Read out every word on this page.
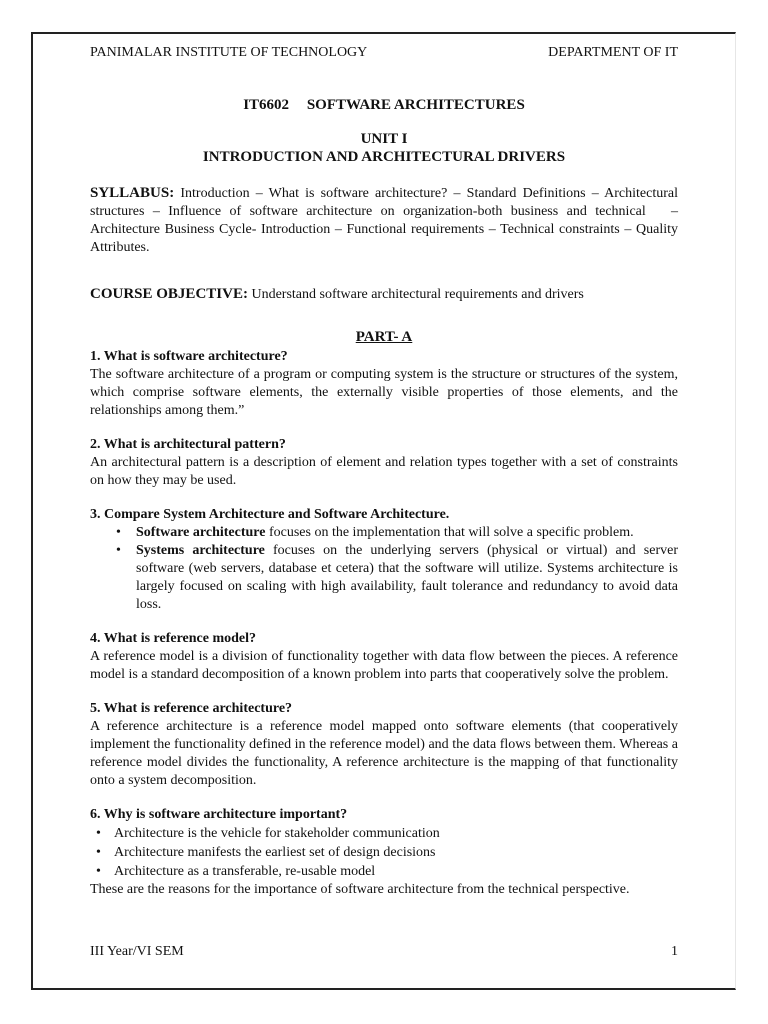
PANIMALAR INSTITUTE OF TECHNOLOGY	DEPARTMENT OF IT
IT6602 SOFTWARE ARCHITECTURES
UNIT I
INTRODUCTION AND ARCHITECTURAL DRIVERS
SYLLABUS: Introduction – What is software architecture? – Standard Definitions – Architectural structures – Influence of software architecture on organization-both business and technical   – Architecture Business Cycle- Introduction – Functional requirements – Technical constraints – Quality Attributes.
COURSE OBJECTIVE: Understand software architectural requirements and drivers
PART- A
1. What is software architecture?
The software architecture of a program or computing system is the structure or structures of the system, which comprise software elements, the externally visible properties of those elements, and the relationships among them.”
2. What is architectural pattern?
An architectural pattern is a description of element and relation types together with a set of constraints on how they may be used.
3. Compare System Architecture and Software Architecture.
• Software architecture focuses on the implementation that will solve a specific problem.
• Systems architecture focuses on the underlying servers (physical or virtual) and server software (web servers, database et cetera) that the software will utilize. Systems architecture is largely focused on scaling with high availability, fault tolerance and redundancy to avoid data loss.
4. What is reference model?
A reference model is a division of functionality together with data flow between the pieces. A reference model is a standard decomposition of a known problem into parts that cooperatively solve the problem.
5. What is reference architecture?
A reference architecture is a reference model mapped onto software elements (that cooperatively implement the functionality defined in the reference model) and the data flows between them. Whereas a reference model divides the functionality, A reference architecture is the mapping of that functionality onto a system decomposition.
6. Why is software architecture important?
• Architecture is the vehicle for stakeholder communication
• Architecture manifests the earliest set of design decisions
• Architecture as a transferable, re-usable model
These are the reasons for the importance of software architecture from the technical perspective.
III Year/VI SEM	1
